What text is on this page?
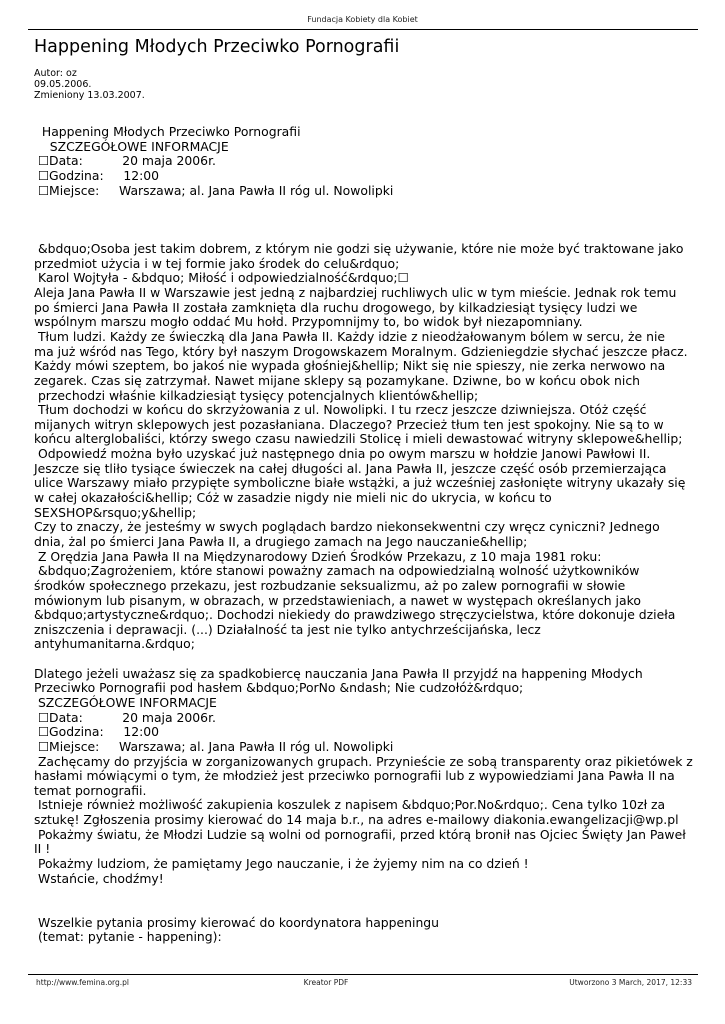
Fundacja Kobiety dla Kobiet
Happening Młodych Przeciwko Pornografii
Autor: oz
09.05.2006.
Zmieniony 13.03.2007.
Happening Młodych Przeciwko Pornografii
SZCZEGÓŁOWE INFORMACJE
☐Data:          20 maja 2006r.
☐Godzina:     12:00
☐Miejsce:     Warszawa; al. Jana Pawła II róg ul. Nowolipki
&bdquo;Osoba jest takim dobrem, z którym nie godzi się używanie, które nie może być traktowane jako
przedmiot użycia i w tej formie jako środek do celu&rdquo;
Karol Wojtyła - &bdquo; Miłość i odpowiedzialność&rdquo;☐
Aleja Jana Pawła II w Warszawie jest jedną z najbardziej ruchliwych ulic w tym mieście. Jednak rok temu
po śmierci Jana Pawła II została zamknięta dla ruchu drogowego, by kilkadziesiąt tysięcy ludzi we
wspólnym marszu mogło oddać Mu hołd. Przypomnijmy to, bo widok był niezapomniany.
Tłum ludzi. Każdy ze świeczką dla Jana Pawła II. Każdy idzie z nieodżałowanym bólem w sercu, że nie
ma już wśród nas Tego, który był naszym Drogowskazem Moralnym. Gdzieniegdzie słychać jeszcze płacz.
Każdy mówi szeptem, bo jakoś nie wypada głośniej&hellip; Nikt się nie spieszy, nie zerka nerwowo na
zegarek. Czas się zatrzymał. Nawet mijane sklepy są pozamykane. Dziwne, bo w końcu obok nich
przechodzi właśnie kilkadziesiąt tysięcy potencjalnych klientów&hellip;
Tłum dochodzi w końcu do skrzyżowania z ul. Nowolipki. I tu rzecz jeszcze dziwniejsza. Otóż część
mijanych witryn sklepowych jest pozasłaniana. Dlaczego? Przecież tłum ten jest spokojny. Nie są to w
końcu alterglobaliści, którzy swego czasu nawiedzili Stolicę i mieli dewastować witryny sklepowe&hellip;
Odpowiedź można było uzyskać już następnego dnia po owym marszu w hołdzie Janowi Pawłowi II.
Jeszcze się tliło tysiące świeczek na całej długości al. Jana Pawła II, jeszcze część osób przemierzająca
ulice Warszawy miało przypięte symboliczne białe wstążki, a już wcześniej zasłonięte witryny ukazały się
w całej okazałości&hellip; Cóż w zasadzie nigdy nie mieli nic do ukrycia, w końcu to
SEXSHOP&rsquo;y&hellip;
Czy to znaczy, że jesteśmy w swych poglądach bardzo niekonsekwentni czy wręcz cyniczni? Jednego
dnia, żal po śmierci Jana Pawła II, a drugiego zamach na Jego nauczanie&hellip;
Z Orędzia Jana Pawła II na Międzynarodowy Dzień Środków Przekazu, z 10 maja 1981 roku:
&bdquo;Zagrożeniem, które stanowi poważny zamach na odpowiedzialną wolność użytkowników
środków społecznego przekazu, jest rozbudzanie seksualizmu, aż po zalew pornografii w słowie
mówionym lub pisanym, w obrazach, w przedstawieniach, a nawet w występach określanych jako
&bdquo;artystyczne&rdquo;. Dochodzi niekiedy do prawdziwego stręczycielstwa, które dokonuje dzieła
zniszczenia i deprawacji. (...) Działalność ta jest nie tylko antychrześcijańska, lecz
antyhumanitarna.&rdquo;
Dlatego jeżeli uważasz się za spadkobiercę nauczania Jana Pawła II przyjdź na happening Młodych
Przeciwko Pornografii pod hasłem &bdquo;PorNo &ndash; Nie cudzołóż&rdquo;
SZCZEGÓŁOWE INFORMACJE
☐Data:          20 maja 2006r.
☐Godzina:     12:00
☐Miejsce:     Warszawa; al. Jana Pawła II róg ul. Nowolipki
Zachęcamy do przyjścia w zorganizowanych grupach. Przynieście ze sobą transparenty oraz pikietówek z
hasłami mówiącymi o tym, że młodzież jest przeciwko pornografii lub z wypowiedziami Jana Pawła II na
temat pornografii.
Istnieje również możliwość zakupienia koszulek z napisem &bdquo;Por.No&rdquo;. Cena tylko 10zł za
sztukę! Zgłoszenia prosimy kierować do 14 maja b.r., na adres e-mailowy diakonia.ewangelizacji@wp.pl
Pokażmy światu, że Młodzi Ludzie są wolni od pornografii, przed którą bronił nas Ojciec Święty Jan Paweł
II !
Pokażmy ludziom, że pamiętamy Jego nauczanie, i że żyjemy nim na co dzień !
Wstańcie, chodźmy!
Wszelkie pytania prosimy kierować do koordynatora happeningu
(temat: pytanie - happening):
http://www.femina.org.pl	Kreator PDF	Utworzono 3 March, 2017, 12:33
